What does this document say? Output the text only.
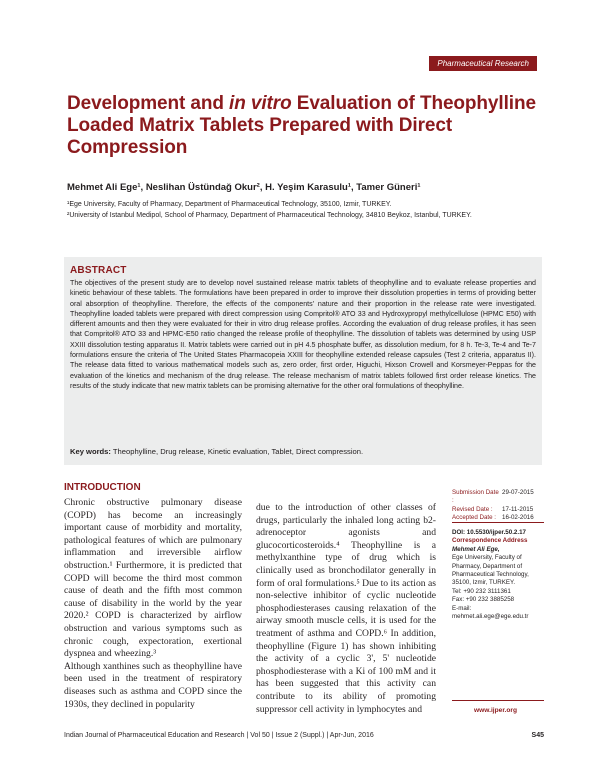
Pharmaceutical Research
Development and in vitro Evaluation of Theophylline Loaded Matrix Tablets Prepared with Direct Compression
Mehmet Ali Ege¹, Neslihan Üstündağ Okur², H. Yeşim Karasulu¹, Tamer Güneri¹
¹Ege University, Faculty of Pharmacy, Department of Pharmaceutical Technology, 35100, Izmir, TURKEY.
²University of Istanbul Medipol, School of Pharmacy, Department of Pharmaceutical Technology, 34810 Beykoz, Istanbul, TURKEY.
ABSTRACT
The objectives of the present study are to develop novel sustained release matrix tablets of theophylline and to evaluate release properties and kinetic behaviour of these tablets. The formulations have been prepared in order to improve their dissolution properties in terms of providing better oral absorption of theophylline. Therefore, the effects of the components' nature and their proportion in the release rate were investigated. Theophylline loaded tablets were prepared with direct compression using Compritol® ATO 33 and Hydroxypropyl methylcellulose (HPMC E50) with different amounts and then they were evaluated for their in vitro drug release profiles. According the evaluation of drug release profiles, it has seen that Compritol® ATO 33 and HPMC-E50 ratio changed the release profile of theophylline. The dissolution of tablets was determined by using USP XXIII dissolution testing apparatus II. Matrix tablets were carried out in pH 4.5 phosphate buffer, as dissolution medium, for 8 h. Te-3, Te-4 and Te-7 formulations ensure the criteria of The United States Pharmacopeia XXIII for theophylline extended release capsules (Test 2 criteria, apparatus II). The release data fitted to various mathematical models such as, zero order, first order, Higuchi, Hixson Crowell and Korsmeyer-Peppas for the evaluation of the kinetics and mechanism of the drug release. The release mechanism of matrix tablets followed first order release kinetics. The results of the study indicate that new matrix tablets can be promising alternative for the other oral formulations of theophylline.
Key words: Theophylline, Drug release, Kinetic evaluation, Tablet, Direct compression.
INTRODUCTION

Chronic obstructive pulmonary disease (COPD) has become an increasingly important cause of morbidity and mortality, pathological features of which are pulmonary inflammation and irreversible airflow obstruction.¹ Furthermore, it is predicted that COPD will become the third most common cause of death and the fifth most common cause of disability in the world by the year 2020.² COPD is characterized by airflow obstruction and various symptoms such as chronic cough, expectoration, exertional dyspnea and wheezing.³

Although xanthines such as theophylline have been used in the treatment of respiratory diseases such as asthma and COPD since the 1930s, they declined in popularity

due to the introduction of other classes of drugs, particularly the inhaled long acting b2-adrenoceptor agonists and glucocorticosteroids.⁴ Theophylline is a methylxanthine type of drug which is clinically used as bronchodilator generally in form of oral formulations.⁵ Due to its action as non-selective inhibitor of cyclic nucleotide phosphodiesterases causing relaxation of the airway smooth muscle cells, it is used for the treatment of asthma and COPD.⁶ In addition, theophylline (Figure 1) has shown inhibiting the activity of a cyclic 3', 5' nucleotide phosphodiesterase with a Ki of 100 mM and it has been suggested that this activity can contribute to its ability of promoting suppressor cell activity in lymphocytes and

Submission Date :
29-07-2015
Revised Date :	17-11-2015
Accepted Date : 16-02-2016
DOI: 10.5530/ijper.50.2.17
Correspondence Address
Mehmet Ali Ege,
Ege University, Faculty of Pharmacy, Department of Pharmaceutical Technology, 35100, Izmir, TURKEY.
Tel: +90 232 3111361
Fax: +90 232 3885258
E-mail: mehmet.ali.ege@ege.edu.tr
www.ijper.org
Indian Journal of Pharmaceutical Education and Research | Vol 50 | Issue 2 (Suppl.) | Apr-Jun, 2016	S45
